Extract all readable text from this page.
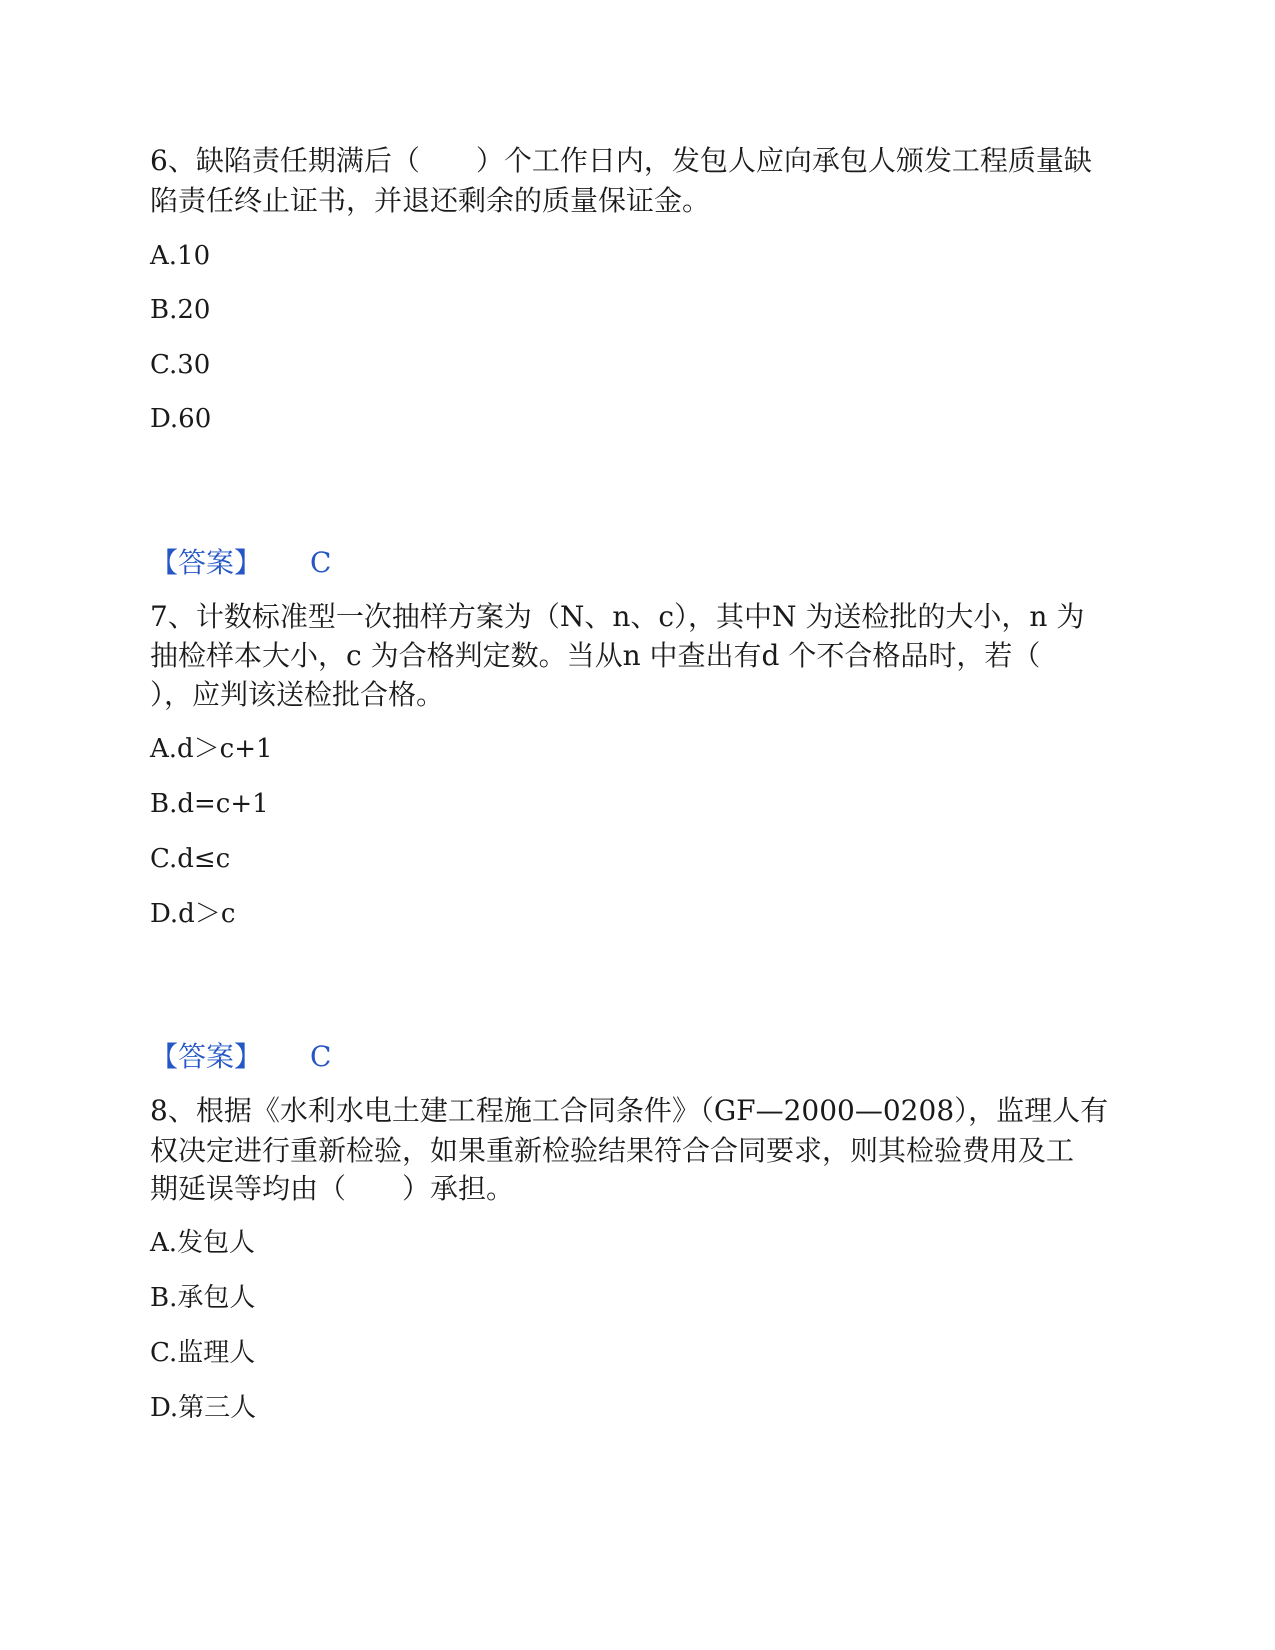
6、缺陷责任期满后（　　）个工作日内，发包人应向承包人颁发工程质量缺
陷责任终止证书，并退还剩余的质量保证金。
A.10
B.20
C.30
D.60
【答案】 C
7、计数标准型一次抽样方案为（N、n、c），其中N 为送检批的大小，n 为
抽检样本大小，c 为合格判定数。当从n 中查出有d 个不合格品时，若（
），应判该送检批合格。
A.d＞c+1
B.d=c+1
C.d≤c
D.d＞c
【答案】 C
8、根据《水利水电土建工程施工合同条件》（GF—2000—0208），监理人有
权决定进行重新检验，如果重新检验结果符合合同要求，则其检验费用及工
期延误等均由（　　）承担。
A.发包人
B.承包人
C.监理人
D.第三人
